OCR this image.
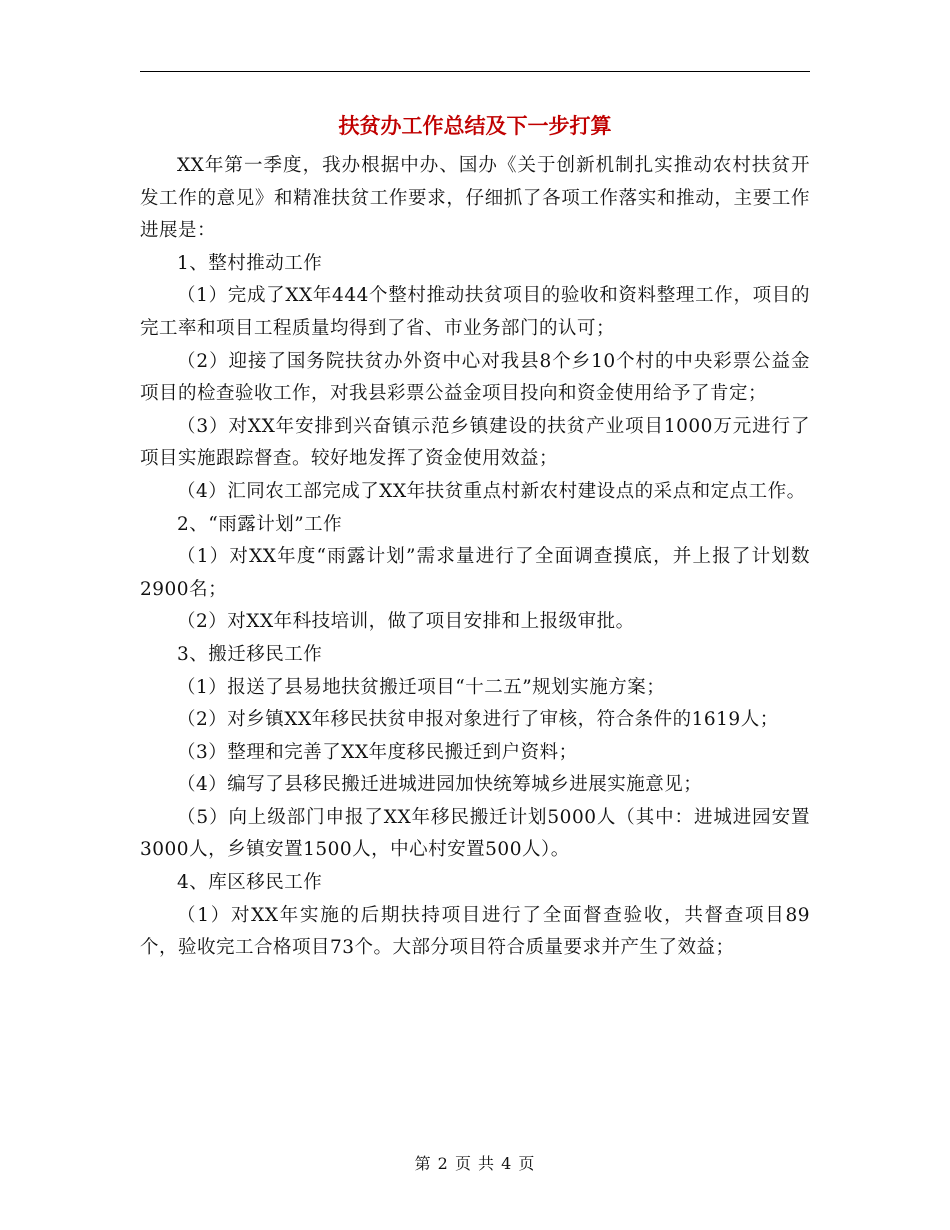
扶贫办工作总结及下一步打算

XX年第一季度，我办根据中办、国办《关于创新机制扎实推动农村扶贫开发工作的意见》和精准扶贫工作要求，仔细抓了各项工作落实和推动，主要工作进展是：

1、整村推动工作

（1）完成了XX年444个整村推动扶贫项目的验收和资料整理工作，项目的完工率和项目工程质量均得到了省、市业务部门的认可；

（2）迎接了国务院扶贫办外资中心对我县8个乡10个村的中央彩票公益金项目的检查验收工作，对我县彩票公益金项目投向和资金使用给予了肯定；

（3）对XX年安排到兴奋镇示范乡镇建设的扶贫产业项目1000万元进行了项目实施跟踪督查。较好地发挥了资金使用效益；

（4）汇同农工部完成了XX年扶贫重点村新农村建设点的采点和定点工作。

2、“雨露计划”工作

（1）对XX年度“雨露计划”需求量进行了全面调查摸底，并上报了计划数2900名；

（2）对XX年科技培训，做了项目安排和上报级审批。

3、搬迁移民工作

（1）报送了县易地扶贫搬迁项目“十二五”规划实施方案；

（2）对乡镇XX年移民扶贫申报对象进行了审核，符合条件的1619人；

（3）整理和完善了XX年度移民搬迁到户资料；

（4）编写了县移民搬迁进城进园加快统筹城乡进展实施意见；

（5）向上级部门申报了XX年移民搬迁计划5000人（其中：进城进园安置3000人，乡镇安置1500人，中心村安置500人）。

4、库区移民工作

（1）对XX年实施的后期扶持项目进行了全面督查验收，共督查项目89个，验收完工合格项目73个。大部分项目符合质量要求并产生了效益；

第 2 页 共 4 页
